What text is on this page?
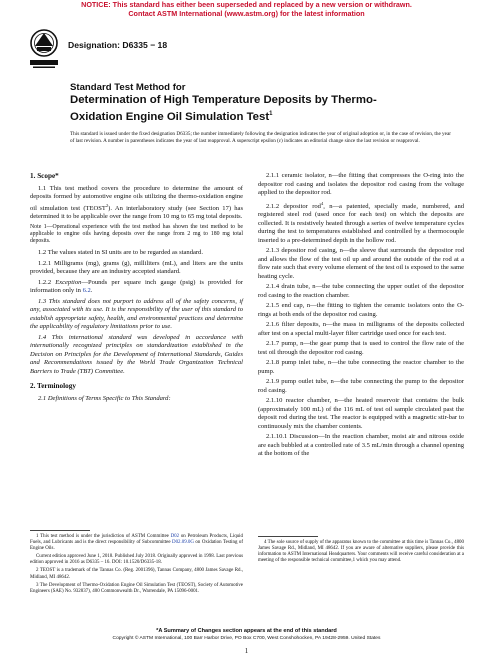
NOTICE: This standard has either been superseded and replaced by a new version or withdrawn.
Contact ASTM International (www.astm.org) for the latest information
Designation: D6335 − 18
Standard Test Method for
Determination of High Temperature Deposits by Thermo-
Oxidation Engine Oil Simulation Test$^1$
This standard is issued under the fixed designation D6335; the number immediately following the designation indicates the year of original adoption or, in the case of revision, the year of last revision. A number in parentheses indicates the year of last reapproval. A superscript epsilon (ε) indicates an editorial change since the last revision or reapproval.
1. Scope*

1.1 This test method covers the procedure to determine the amount of deposits formed by automotive engine oils utilizing the thermo-oxidation engine oil simulation test (TEOST$^2$). An interlaboratory study (see Section 17) has determined it to be applicable over the range from 10 mg to 65 mg total deposits.

Note 1—Operational experience with the test method has shown the test method to be applicable to engine oils having deposits over the range from 2 mg to 180 mg total deposits.

1.2 The values stated in SI units are to be regarded as standard.

1.2.1 Milligrams (mg), grams (g), milliliters (mL), and liters are the units provided, because they are an industry accepted standard.

1.2.2 Exception—Pounds per square inch gauge (psig) is provided for information only in 6.2.

1.3 This standard does not purport to address all of the safety concerns, if any, associated with its use. It is the responsibility of the user of this standard to establish appropriate safety, health, and environmental practices and determine the applicability of regulatory limitations prior to use.

1.4 This international standard was developed in accordance with internationally recognized principles on standardization established in the Decision on Principles for the Development of International Standards, Guides and Recommendations issued by the World Trade Organization Technical Barriers to Trade (TBT) Committee.

2. Terminology

2.1 Definitions of Terms Specific to This Standard:

2.1.1 ceramic isolator, n—the fitting that compresses the O-ring into the depositor rod casing and isolates the depositor rod casing from the voltage applied to the depositor rod.

2.1.2 depositor rod$^4$, n—a patented, specially made, numbered, and registered steel rod (used once for each test) on which the deposits are collected. It is resistively heated through a series of twelve temperature cycles during the test to temperatures established and controlled by a thermocouple inserted to a pre-determined depth in the hollow rod.

2.1.3 depositor rod casing, n—the sleeve that surrounds the depositor rod and allows the flow of the test oil up and around the outside of the rod at a flow rate such that every volume element of the test oil is exposed to the same heating cycle.

2.1.4 drain tube, n—the tube connecting the upper outlet of the depositor rod casing to the reaction chamber.

2.1.5 end cap, n—the fitting to tighten the ceramic isolators onto the O-rings at both ends of the depositor rod casing.

2.1.6 filter deposits, n—the mass in milligrams of the deposits collected after test on a special multi-layer filter cartridge used once for each test.

2.1.7 pump, n—the gear pump that is used to control the flow rate of the test oil through the depositor rod casing.

2.1.8 pump inlet tube, n—the tube connecting the reactor chamber to the pump.

2.1.9 pump outlet tube, n—the tube connecting the pump to the depositor rod casing.

2.1.10 reactor chamber, n—the heated reservoir that contains the bulk (approximately 100 mL) of the 116 mL of test oil sample circulated past the deposit rod during the test. The reactor is equipped with a magnetic stir-bar to continuously mix the chamber contents.

2.1.10.1 Discussion—In the reaction chamber, moist air and nitrous oxide are each bubbled at a controlled rate of 3.5 mL/min through a channel opening at the bottom of the

1 This test method is under the jurisdiction of ASTM Committee D02 on Petroleum Products, Liquid Fuels, and Lubricants and is the direct responsibility of Subcommittee D02.09.0G on Oxidation Testing of Engine Oils.

Current edition approved June 1, 2018. Published July 2018. Originally approved in 1998. Last previous edition approved in 2016 as D6335 – 16. DOI: 10.1520/D6335-18.

2 TEOST is a trademark of the Tannas Co. (Reg. 2001396), Tannas Company, 4800 James Savage Rd., Midland, MI 48642.

3 The Development of Thermo-Oxidation Engine Oil Simulation Test (TEOST), Society of Automotive Engineers (SAE) No. 932837), 400 Commonwealth Dr., Warrendale, PA 15096-0001.

4 The sole source of supply of the apparatus known to the committee at this time is Tannas Co., 4800 James Savage Rd., Midland, MI 48642. If you are aware of alternative suppliers, please provide this information to ASTM International Headquarters. Your comments will receive careful consideration at a meeting of the responsible technical committee,1 which you may attend.

*A Summary of Changes section appears at the end of this standard
Copyright © ASTM International, 100 Barr Harbor Drive, PO Box C700, West Conshohocken, PA 19428-2959. United States
1
